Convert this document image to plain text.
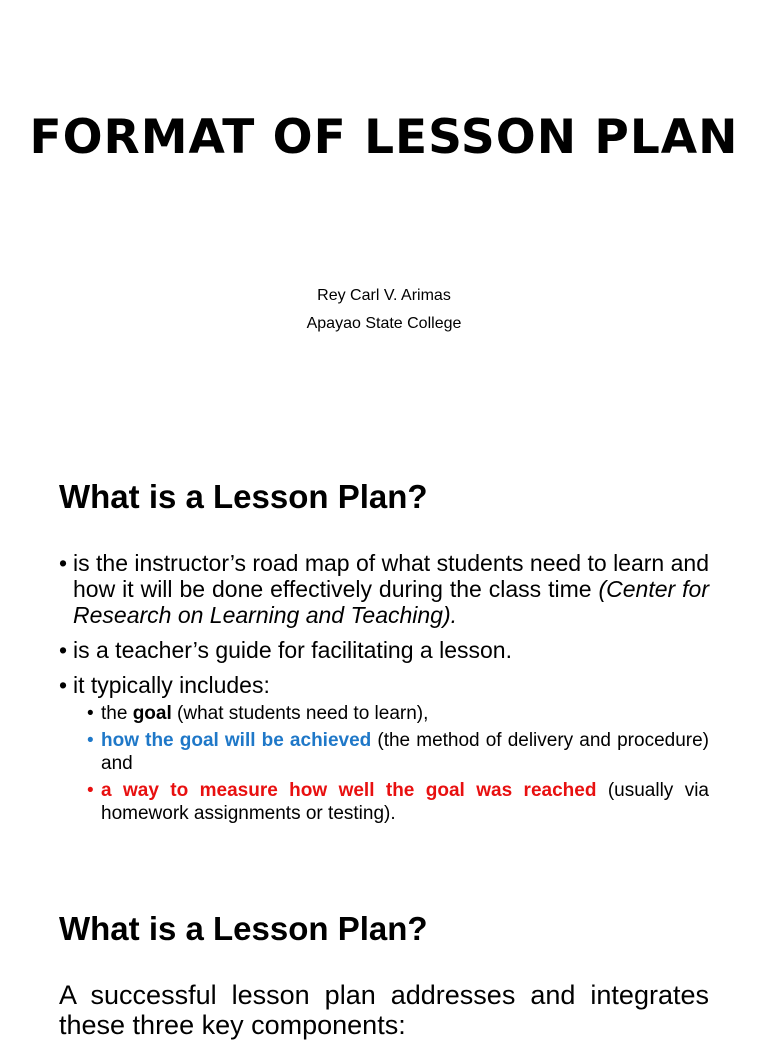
FORMAT OF LESSON PLAN

Rey Carl V. Arimas

Apayao State College

What is a Lesson Plan?
• is the instructor’s road map of what students need to learn and how it will be done effectively during the class time (Center for Research on Learning and Teaching).
• is a teacher’s guide for facilitating a lesson.
• it typically includes:
• the goal (what students need to learn),
• how the goal will be achieved (the method of delivery and procedure) and
• a way to measure how well the goal was reached (usually via homework assignments or testing).
What is a Lesson Plan?

A successful lesson plan addresses and integrates these three key components:
